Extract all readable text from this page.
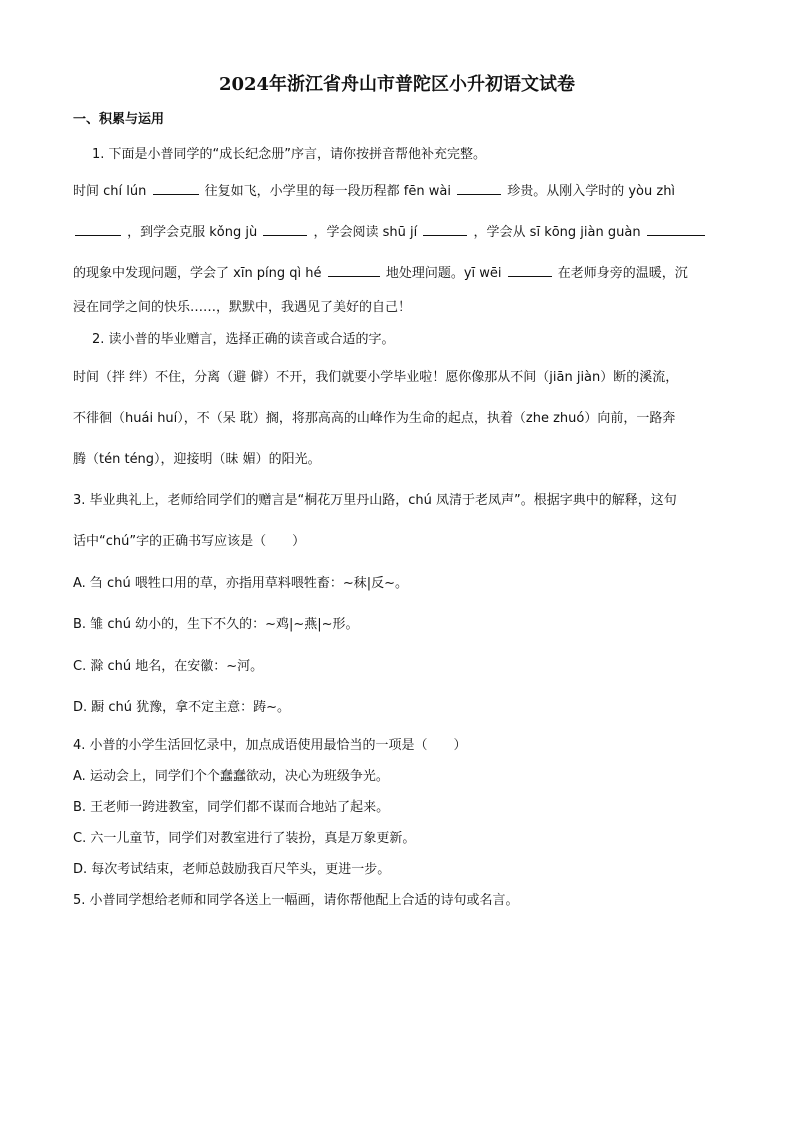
2024年浙江省舟山市普陀区小升初语文试卷
一、积累与运用
1. 下面是小普同学的“成长纪念册”序言，请你按拼音帮他补充完整。
时间 chí lún	往复如飞，小学里的每一段历程都 fēn wài	珍贵。从刚入学时的 yòu zhì
，到学会克服 kǒng jù	，学会阅读 shū jí	，学会从 sī kōng jiàn guàn
的现象中发现问题，学会了 xīn píng qì hé	地处理问题。yī wēi	在老师身旁的温暖，沉
浸在同学之间的快乐……，默默中，我遇见了美好的自己！
2. 读小普的毕业赠言，选择正确的读音或合适的字。
时间（拌 绊）不住，分离（避 僻）不开，我们就要小学毕业啦！愿你像那从不间（jiān jiàn）断的溪流，
不徘徊（huái huí），不（呆 耽）搁，将那高高的山峰作为生命的起点，执着（zhe zhuó）向前，一路奔
腾（tén téng），迎接明（昧 媚）的阳光。
3. 毕业典礼上，老师给同学们的赠言是“桐花万里丹山路，chú 凤清于老凤声”。根据字典中的解释，这句
话中“chú”字的正确书写应该是（　　）
A. 刍 chú 喂牲口用的草，亦指用草料喂牲畜：~秣|反~。
B. 雏 chú 幼小的，生下不久的：~鸡|~燕|~形。
C. 滁 chú 地名，在安徽：~河。
D. 蹰 chú 犹豫，拿不定主意：踌~。
4. 小普的小学生活回忆录中，加点成语使用最恰当的一项是（　　）
A. 运动会上，同学们个个蠢蠢欲动，决心为班级争光。
B. 王老师一跨进教室，同学们都不谋而合地站了起来。
C. 六一儿童节，同学们对教室进行了装扮，真是万象更新。
D. 每次考试结束，老师总鼓励我百尺竿头，更进一步。
5. 小普同学想给老师和同学各送上一幅画，请你帮他配上合适的诗句或名言。
